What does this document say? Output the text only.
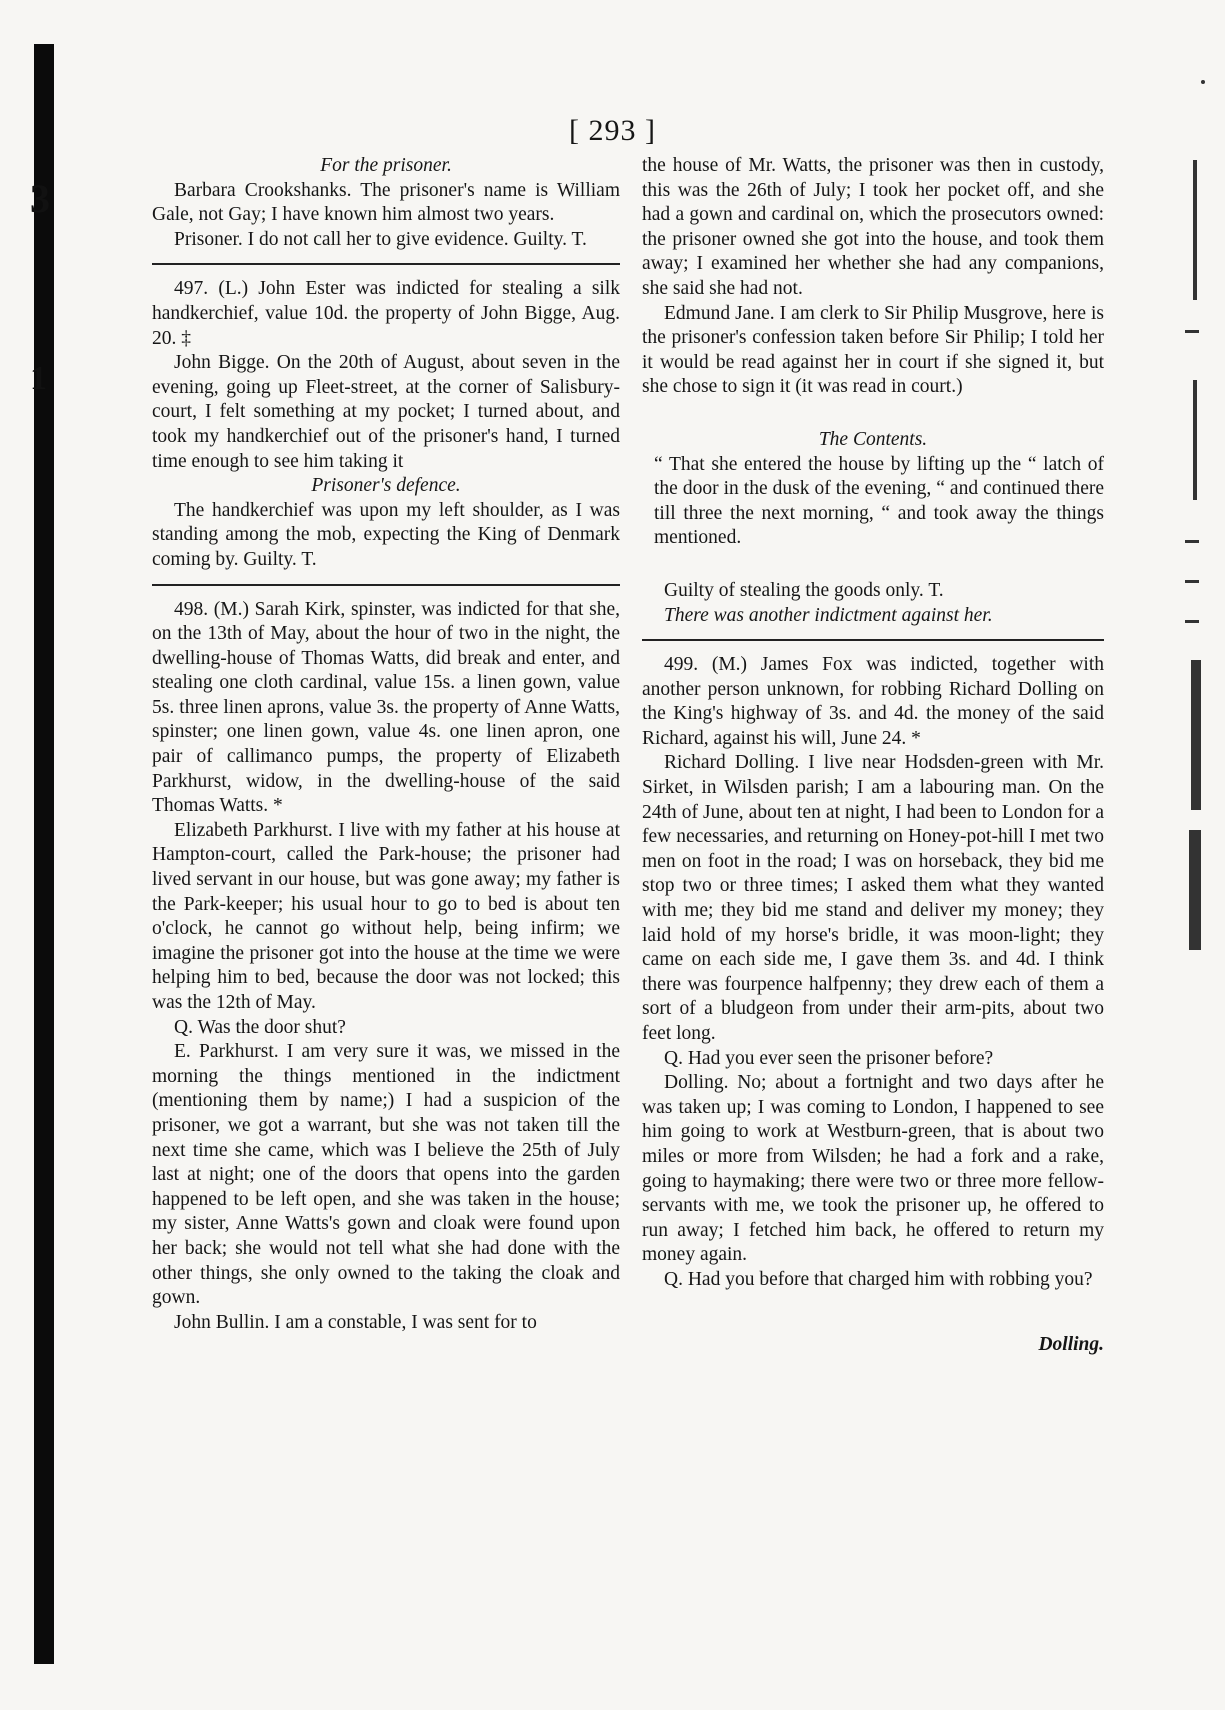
3
1
[ 293 ]

For the prisoner.

Barbara Crookshanks. The prisoner's name is William Gale, not Gay; I have known him almost two years.

Prisoner. I do not call her to give evidence. Guilty. T.

497. (L.) John Ester was indicted for stealing a silk handkerchief, value 10d. the property of John Bigge, Aug. 20. ‡

John Bigge. On the 20th of August, about seven in the evening, going up Fleet-street, at the corner of Salisbury-court, I felt something at my pocket; I turned about, and took my handkerchief out of the prisoner's hand, I turned time enough to see him taking it

Prisoner's defence.

The handkerchief was upon my left shoulder, as I was standing among the mob, expecting the King of Denmark coming by. Guilty. T.

498. (M.) Sarah Kirk, spinster, was indicted for that she, on the 13th of May, about the hour of two in the night, the dwelling-house of Thomas Watts, did break and enter, and stealing one cloth cardinal, value 15s. a linen gown, value 5s. three linen aprons, value 3s. the property of Anne Watts, spinster; one linen gown, value 4s. one linen apron, one pair of callimanco pumps, the property of Elizabeth Parkhurst, widow, in the dwelling-house of the said Thomas Watts. *

Elizabeth Parkhurst. I live with my father at his house at Hampton-court, called the Park-house; the prisoner had lived servant in our house, but was gone away; my father is the Park-keeper; his usual hour to go to bed is about ten o'clock, he cannot go without help, being infirm; we imagine the prisoner got into the house at the time we were helping him to bed, because the door was not locked; this was the 12th of May.

Q. Was the door shut?

E. Parkhurst. I am very sure it was, we missed in the morning the things mentioned in the indictment (mentioning them by name;) I had a suspicion of the prisoner, we got a warrant, but she was not taken till the next time she came, which was I believe the 25th of July last at night; one of the doors that opens into the garden happened to be left open, and she was taken in the house; my sister, Anne Watts's gown and cloak were found upon her back; she would not tell what she had done with the other things, she only owned to the taking the cloak and gown.

John Bullin. I am a constable, I was sent for to

the house of Mr. Watts, the prisoner was then in custody, this was the 26th of July; I took her pocket off, and she had a gown and cardinal on, which the prosecutors owned: the prisoner owned she got into the house, and took them away; I examined her whether she had any companions, she said she had not.

Edmund Jane. I am clerk to Sir Philip Musgrove, here is the prisoner's confession taken before Sir Philip; I told her it would be read against her in court if she signed it, but she chose to sign it (it was read in court.)

The Contents.

“ That she entered the house by lifting up the “ latch of the door in the dusk of the evening, “ and continued there till three the next morning, “ and took away the things mentioned.

Guilty of stealing the goods only. T.

There was another indictment against her.

499. (M.) James Fox was indicted, together with another person unknown, for robbing Richard Dolling on the King's highway of 3s. and 4d. the money of the said Richard, against his will, June 24. *

Richard Dolling. I live near Hodsden-green with Mr. Sirket, in Wilsden parish; I am a labouring man. On the 24th of June, about ten at night, I had been to London for a few necessaries, and returning on Honey-pot-hill I met two men on foot in the road; I was on horseback, they bid me stop two or three times; I asked them what they wanted with me; they bid me stand and deliver my money; they laid hold of my horse's bridle, it was moon-light; they came on each side me, I gave them 3s. and 4d. I think there was fourpence halfpenny; they drew each of them a sort of a bludgeon from under their arm-pits, about two feet long.

Q. Had you ever seen the prisoner before?

Dolling. No; about a fortnight and two days after he was taken up; I was coming to London, I happened to see him going to work at Westburn-green, that is about two miles or more from Wilsden; he had a fork and a rake, going to haymaking; there were two or three more fellow-servants with me, we took the prisoner up, he offered to run away; I fetched him back, he offered to return my money again.

Q. Had you before that charged him with robbing you?

Dolling.
